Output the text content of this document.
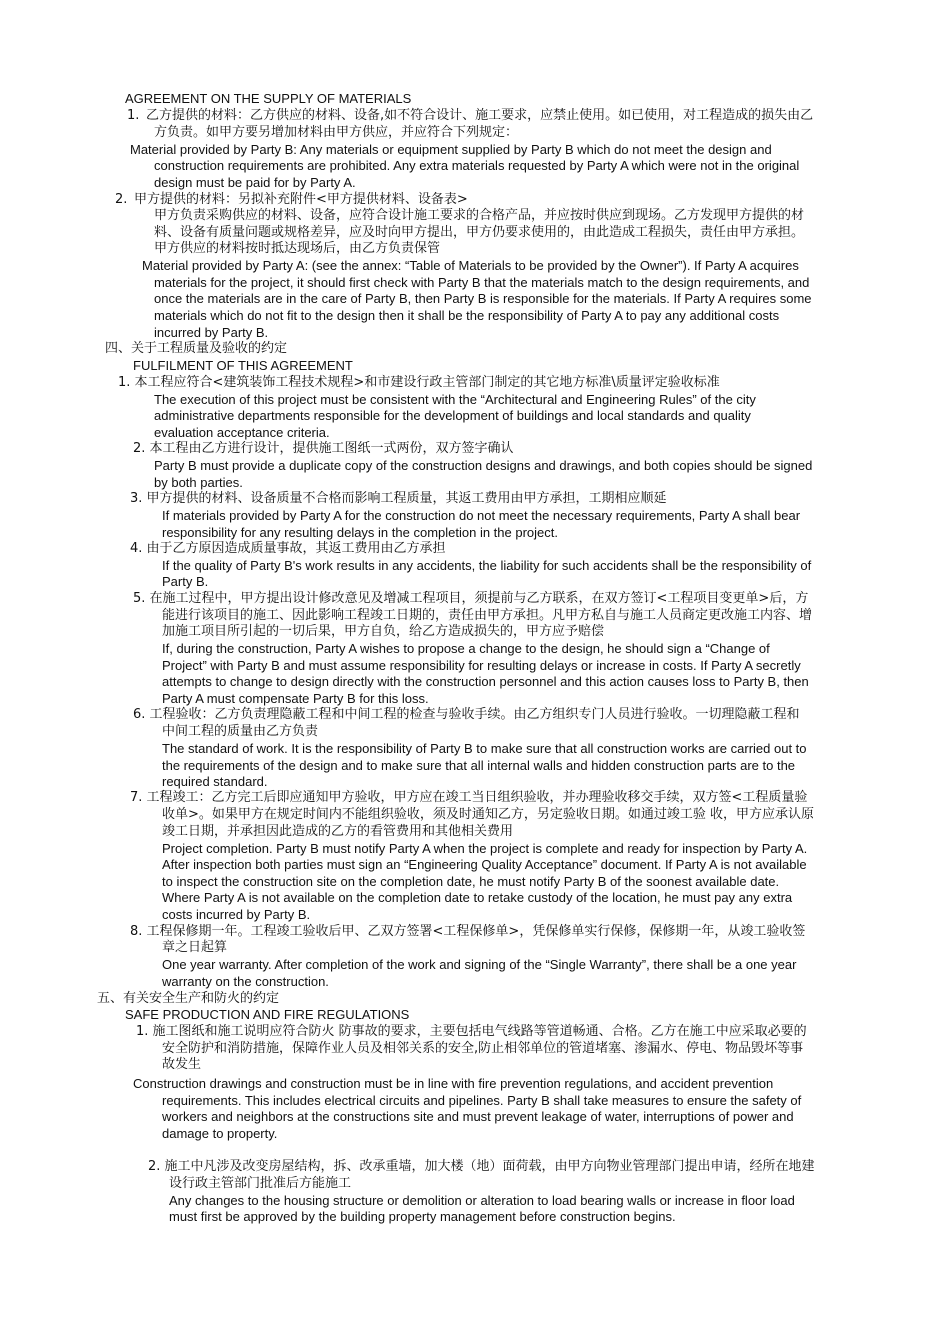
AGREEMENT ON THE SUPPLY OF MATERIALS
1. 乙方提供的材料：乙方供应的材料、设备,如不符合设计、施工要求，应禁止使用。如已使用，对工程造成的损失由乙
方负责。如甲方要另增加材料由甲方供应，并应符合下列规定：
Material provided by Party B: Any materials or equipment supplied by Party B which do not meet the design and
construction requirements are prohibited. Any extra materials requested by Party A which were not in the original
design must be paid for by Party A.
2. 甲方提供的材料：另拟补充附件<甲方提供材料、设备表>
甲方负责采购供应的材料、设备，应符合设计施工要求的合格产品，并应按时供应到现场。乙方发现甲方提供的材
料、设备有质量问题或规格差异，应及时向甲方提出，甲方仍要求使用的，由此造成工程损失，责任由甲方承担。
甲方供应的材料按时抵达现场后，由乙方负责保管
Material provided by Party A: (see the annex: “Table of Materials to be provided by the Owner”). If Party A acquires
materials for the project, it should first check with Party B that the materials match to the design requirements, and
once the materials are in the care of Party B, then Party B is responsible for the materials. If Party A requires some
materials which do not fit to the design then it shall be the responsibility of Party A to pay any additional costs
incurred by Party B.
四、关于工程质量及验收的约定
FULFILMENT OF THIS AGREEMENT
1. 本工程应符合<建筑装饰工程技术规程>和市建设行政主管部门制定的其它地方标准\质量评定验收标准
The execution of this project must be consistent with the “Architectural and Engineering Rules” of the city
administrative departments responsible for the development of buildings and local standards and quality
evaluation acceptance criteria.
2. 本工程由乙方进行设计，提供施工图纸一式两份，双方签字确认
Party B must provide a duplicate copy of the construction designs and drawings, and both copies should be signed
by both parties.
3. 甲方提供的材料、设备质量不合格而影响工程质量，其返工费用由甲方承担，工期相应顺延
If materials provided by Party A for the construction do not meet the necessary requirements, Party A shall bear
responsibility for any resulting delays in the completion in the project.
4. 由于乙方原因造成质量事故，其返工费用由乙方承担
If the quality of Party B's work results in any accidents, the liability for such accidents shall be the responsibility of
Party B.
5. 在施工过程中，甲方提出设计修改意见及增减工程项目，须提前与乙方联系，在双方签订<工程项目变更单>后，方
能进行该项目的施工、因此影响工程竣工日期的，责任由甲方承担。凡甲方私自与施工人员商定更改施工内容、增
加施工项目所引起的一切后果，甲方自负，给乙方造成损失的，甲方应予赔偿
If, during the construction, Party A wishes to propose a change to the design, he should sign a “Change of
Project” with Party B and must assume responsibility for resulting delays or increase in costs. If Party A secretly
attempts to change to design directly with the construction personnel and this action causes loss to Party B, then
Party A must compensate Party B for this loss.
6. 工程验收：乙方负责理隐蔽工程和中间工程的检查与验收手续。由乙方组织专门人员进行验收。一切理隐蔽工程和
中间工程的质量由乙方负责
The standard of work. It is the responsibility of Party B to make sure that all construction works are carried out to
the requirements of the design and to make sure that all internal walls and hidden construction parts are to the
required standard.
7. 工程竣工：乙方完工后即应通知甲方验收，甲方应在竣工当日组织验收，并办理验收移交手续，双方签<工程质量验
收单>。如果甲方在规定时间内不能组织验收，须及时通知乙方，另定验收日期。如通过竣工验 收，甲方应承认原
竣工日期，并承担因此造成的乙方的看管费用和其他相关费用
Project completion. Party B must notify Party A when the project is complete and ready for inspection by Party A.
After inspection both parties must sign an “Engineering Quality Acceptance” document. If Party A is not available
to inspect the construction site on the completion date, he must notify Party B of the soonest available date.
Where Party A is not available on the completion date to retake custody of the location, he must pay any extra
costs incurred by Party B.
8. 工程保修期一年。工程竣工验收后甲、乙双方签署<工程保修单>，凭保修单实行保修，保修期一年，从竣工验收签
章之日起算
One year warranty. After completion of the work and signing of the “Single Warranty”, there shall be a one year
warranty on the construction.
五、有关安全生产和防火的约定
SAFE PRODUCTION AND FIRE REGULATIONS
1. 施工图纸和施工说明应符合防火 防事故的要求，主要包括电气线路等管道畅通、合格。乙方在施工中应采取必要的
安全防护和消防措施，保障作业人员及相邻关系的安全,防止相邻单位的管道堵塞、渗漏水、停电、物品毁坏等事
故发生
Construction drawings and construction must be in line with fire prevention regulations, and accident prevention
requirements. This includes electrical circuits and pipelines. Party B shall take measures to ensure the safety of
workers and neighbors at the constructions site and must prevent leakage of water, interruptions of power and
damage to property.
2. 施工中凡涉及改变房屋结构，拆、改承重墙，加大楼（地）面荷载，由甲方向物业管理部门提出申请，经所在地建
设行政主管部门批准后方能施工
Any changes to the housing structure or demolition or alteration to load bearing walls or increase in floor load
must first be approved by the building property management before construction begins.
